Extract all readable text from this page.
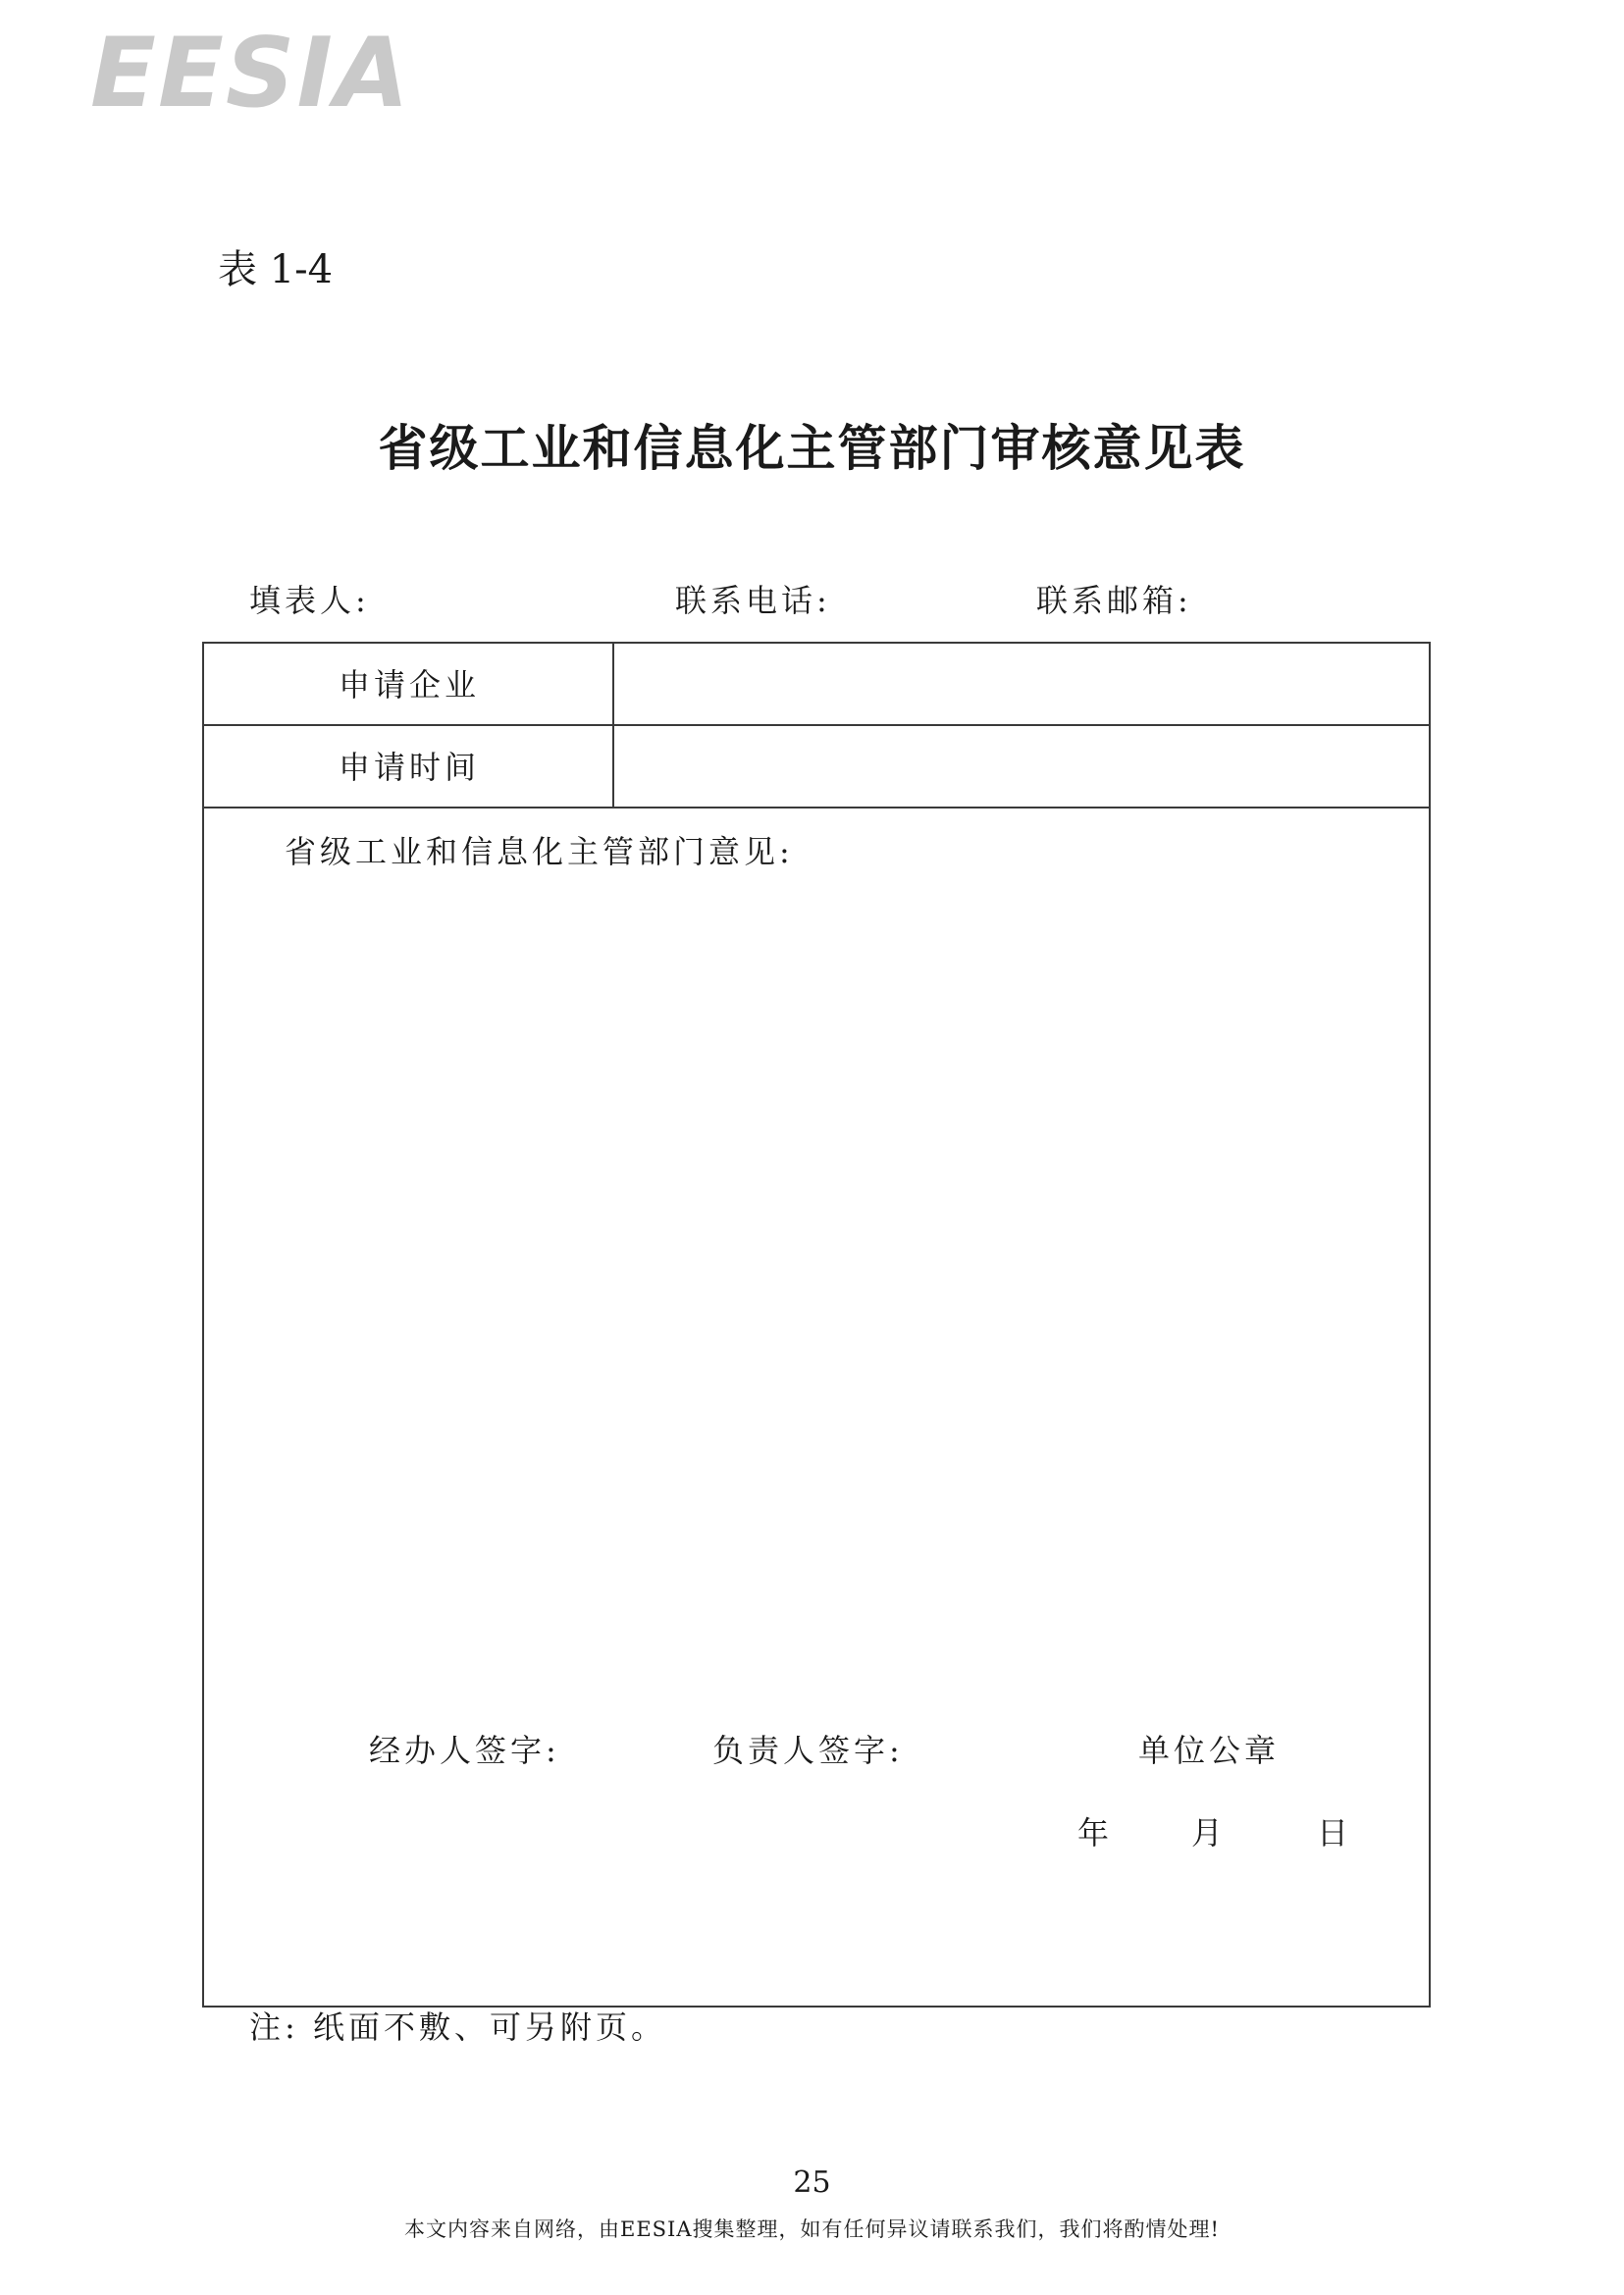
EESIA
表 1-4
省级工业和信息化主管部门审核意见表
填表人:	联系电话:	联系邮箱:
申请企业
申请时间
省级工业和信息化主管部门意见:
经办人签字:	负责人签字:	单位公章
年 月	日
注: 纸面不敷、可另附页。
25
本文内容来自网络，由EESIA搜集整理，如有任何异议请联系我们，我们将酌情处理!
